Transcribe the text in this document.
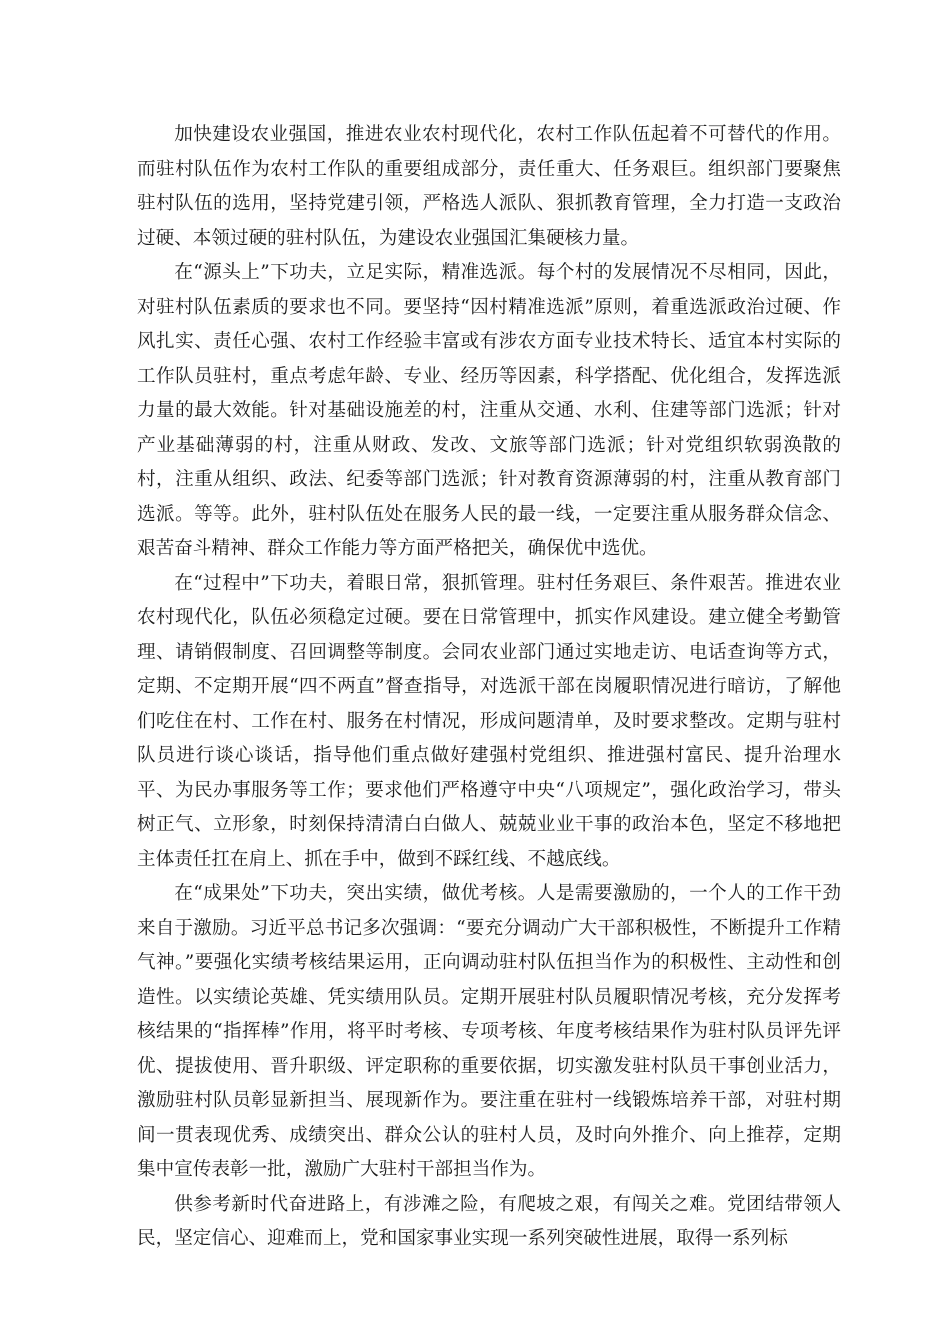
加快建设农业强国，推进农业农村现代化，农村工作队伍起着不可替代的作用。而驻村队伍作为农村工作队的重要组成部分，责任重大、任务艰巨。组织部门要聚焦驻村队伍的选用，坚持党建引领，严格选人派队、狠抓教育管理，全力打造一支政治过硬、本领过硬的驻村队伍，为建设农业强国汇集硬核力量。

在“源头上”下功夫，立足实际，精准选派。每个村的发展情况不尽相同，因此，对驻村队伍素质的要求也不同。要坚持“因村精准选派”原则，着重选派政治过硬、作风扎实、责任心强、农村工作经验丰富或有涉农方面专业技术特长、适宜本村实际的工作队员驻村，重点考虑年龄、专业、经历等因素，科学搭配、优化组合，发挥选派力量的最大效能。针对基础设施差的村，注重从交通、水利、住建等部门选派；针对产业基础薄弱的村，注重从财政、发改、文旅等部门选派；针对党组织软弱涣散的村，注重从组织、政法、纪委等部门选派；针对教育资源薄弱的村，注重从教育部门选派。等等。此外，驻村队伍处在服务人民的最一线，一定要注重从服务群众信念、艰苦奋斗精神、群众工作能力等方面严格把关，确保优中选优。

在“过程中”下功夫，着眼日常，狠抓管理。驻村任务艰巨、条件艰苦。推进农业农村现代化，队伍必须稳定过硬。要在日常管理中，抓实作风建设。建立健全考勤管理、请销假制度、召回调整等制度。会同农业部门通过实地走访、电话查询等方式，定期、不定期开展“四不两直”督查指导，对选派干部在岗履职情况进行暗访，了解他们吃住在村、工作在村、服务在村情况，形成问题清单，及时要求整改。定期与驻村队员进行谈心谈话，指导他们重点做好建强村党组织、推进强村富民、提升治理水平、为民办事服务等工作；要求他们严格遵守中央“八项规定”，强化政治学习，带头树正气、立形象，时刻保持清清白白做人、兢兢业业干事的政治本色，坚定不移地把主体责任扛在肩上、抓在手中，做到不踩红线、不越底线。

在“成果处”下功夫，突出实绩，做优考核。人是需要激励的，一个人的工作干劲来自于激励。习近平总书记多次强调：“要充分调动广大干部积极性，不断提升工作精气神。”要强化实绩考核结果运用，正向调动驻村队伍担当作为的积极性、主动性和创造性。以实绩论英雄、凭实绩用队员。定期开展驻村队员履职情况考核，充分发挥考核结果的“指挥棒”作用，将平时考核、专项考核、年度考核结果作为驻村队员评先评优、提拔使用、晋升职级、评定职称的重要依据，切实激发驻村队员干事创业活力，激励驻村队员彰显新担当、展现新作为。要注重在驻村一线锻炼培养干部，对驻村期间一贯表现优秀、成绩突出、群众公认的驻村人员，及时向外推介、向上推荐，定期集中宣传表彰一批，激励广大驻村干部担当作为。

供参考新时代奋进路上，有涉滩之险，有爬坡之艰，有闯关之难。党团结带领人民，坚定信心、迎难而上，党和国家事业实现一系列突破性进展，取得一系列标
